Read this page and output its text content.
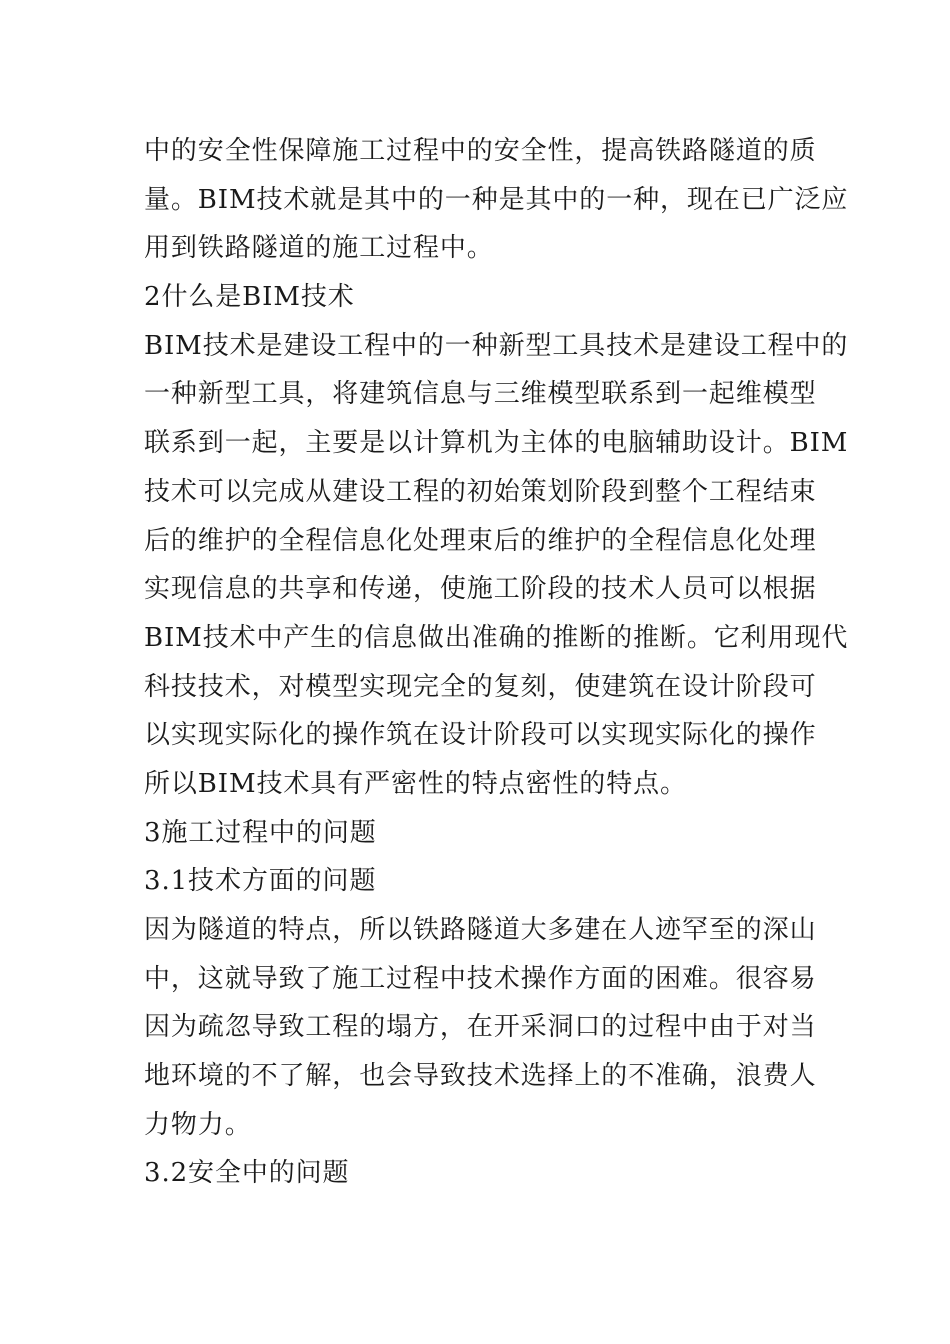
中的安全性保障施工过程中的安全性，提高铁路隧道的质
量。BIM技术就是其中的一种是其中的一种，现在已广泛应
用到铁路隧道的施工过程中。
2什么是BIM技术
BIM技术是建设工程中的一种新型工具技术是建设工程中的
一种新型工具，将建筑信息与三维模型联系到一起维模型
联系到一起，主要是以计算机为主体的电脑辅助设计。BIM
技术可以完成从建设工程的初始策划阶段到整个工程结束
后的维护的全程信息化处理束后的维护的全程信息化处理
实现信息的共享和传递，使施工阶段的技术人员可以根据
BIM技术中产生的信息做出准确的推断的推断。它利用现代
科技技术，对模型实现完全的复刻，使建筑在设计阶段可
以实现实际化的操作筑在设计阶段可以实现实际化的操作
所以BIM技术具有严密性的特点密性的特点。
3施工过程中的问题
3.1技术方面的问题
因为隧道的特点，所以铁路隧道大多建在人迹罕至的深山
中，这就导致了施工过程中技术操作方面的困难。很容易
因为疏忽导致工程的塌方，在开采洞口的过程中由于对当
地环境的不了解，也会导致技术选择上的不准确，浪费人
力物力。
3.2安全中的问题
